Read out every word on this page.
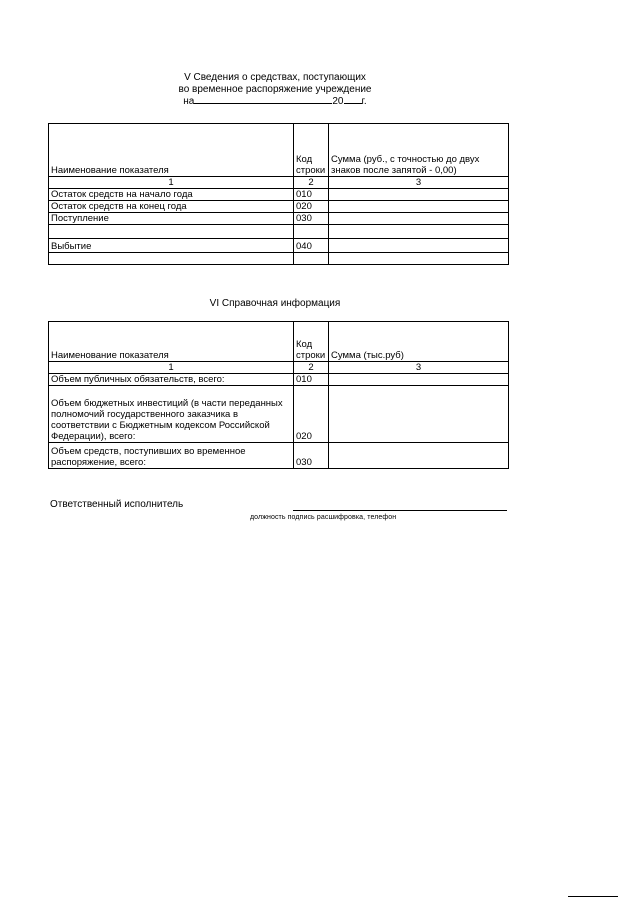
V Сведения о средствах, поступающих
во временное распоряжение учреждение
на	20 г.
Наименование показателя	Код строки	Сумма (руб., с точностью до двух знаков после запятой - 0,00)
1	2	3
Остаток средств на начало года	010	
Остаток средств на конец года	020	
Поступление	030	

Выбытие	040	

VI Справочная информация
Наименование показателя	Код строки	Сумма (тыс.руб)
1	2	3
Объем публичных обязательств, всего:	010	
Объем бюджетных инвестиций (в части переданных полномочий государственного заказчика в соответствии с Бюджетным кодексом Российской Федерации), всего:	020	
Объем средств, поступивших во временное распоряжение, всего:	030	
Ответственный исполнитель
должность подпись расшифровка, телефон
